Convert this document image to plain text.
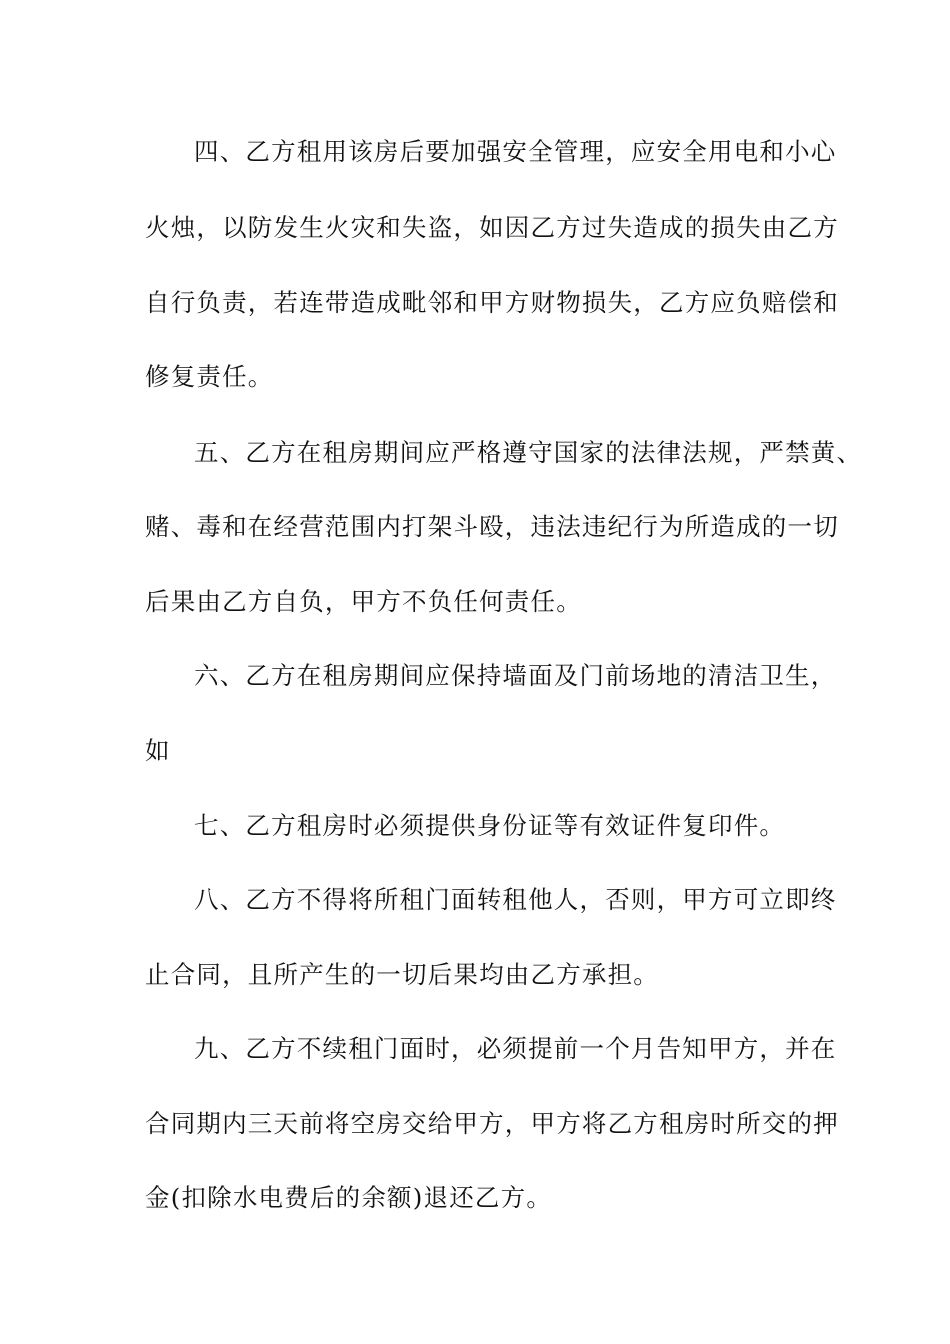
四、乙方租用该房后要加强安全管理，应安全用电和小心
火烛，以防发生火灾和失盗，如因乙方过失造成的损失由乙方
自行负责，若连带造成毗邻和甲方财物损失，乙方应负赔偿和
修复责任。
五、乙方在租房期间应严格遵守国家的法律法规，严禁黄、
赌、毒和在经营范围内打架斗殴，违法违纪行为所造成的一切
后果由乙方自负，甲方不负任何责任。
六、乙方在租房期间应保持墙面及门前场地的清洁卫生，
如
七、乙方租房时必须提供身份证等有效证件复印件。
八、乙方不得将所租门面转租他人，否则，甲方可立即终
止合同，且所产生的一切后果均由乙方承担。
九、乙方不续租门面时，必须提前一个月告知甲方，并在
合同期内三天前将空房交给甲方，甲方将乙方租房时所交的押
金(扣除水电费后的余额)退还乙方。
